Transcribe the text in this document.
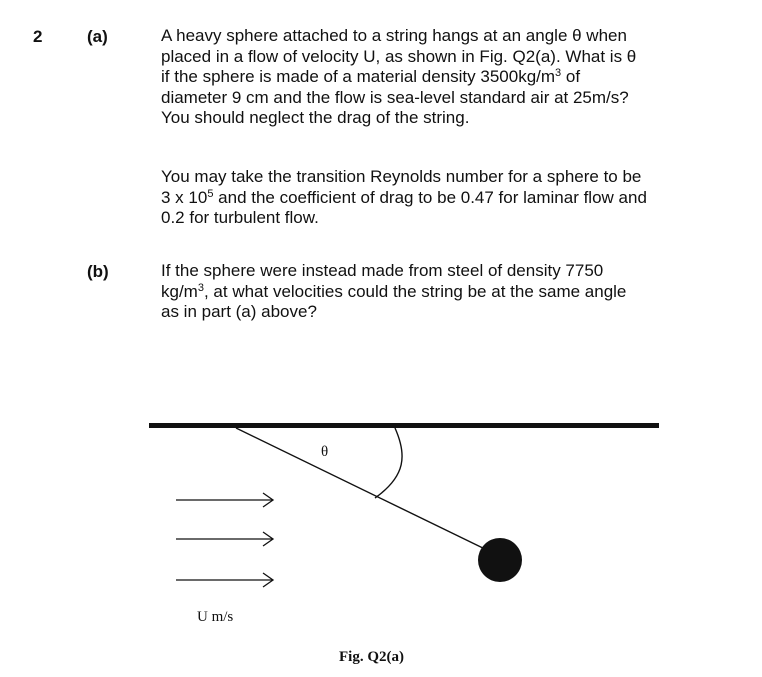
2	(a)	A heavy sphere attached to a string hangs at an angle θ when
placed in a flow of velocity U, as shown in Fig. Q2(a). What is θ
if the sphere is made of a material density $3500kg/m^3$ of
diameter 9 cm and the flow is sea-level standard air at 25m/s?
You should neglect the drag of the string.
You may take the transition Reynolds number for a sphere to be
3 x $10^5$ and the coefficient of drag to be 0.47 for laminar flow and
0.2 for turbulent flow.
(b)	If the sphere were instead made from steel of density 7750
$kg/m^3$, at what velocities could the string be at the same angle
as in part (a) above?
θ
U m/s
Fig. Q2(a)
